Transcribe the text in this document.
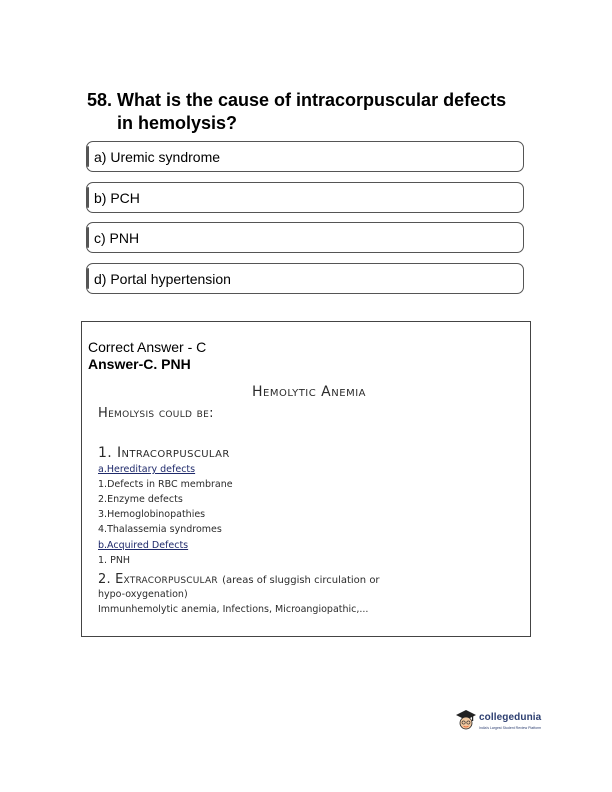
58. What is the cause of intracorpuscular defects in hemolysis?
a) Uremic syndrome
b) PCH
c) PNH
d) Portal hypertension
Correct Answer - C
Answer-C. PNH
Hemolytic Anemia
Hemolysis could be:
1. Intracorpuscular
a.Hereditary defects
1.Defects in RBC membrane
2.Enzyme defects
3.Hemoglobinopathies
4.Thalassemia syndromes
b.Acquired Defects
1. PNH
2. Extracorpuscular (areas of sluggish circulation or
hypo-oxygenation)
Immunhemolytic anemia, Infections, Microangiopathic,...
collegedunia
India's Largest Student Review Platform
